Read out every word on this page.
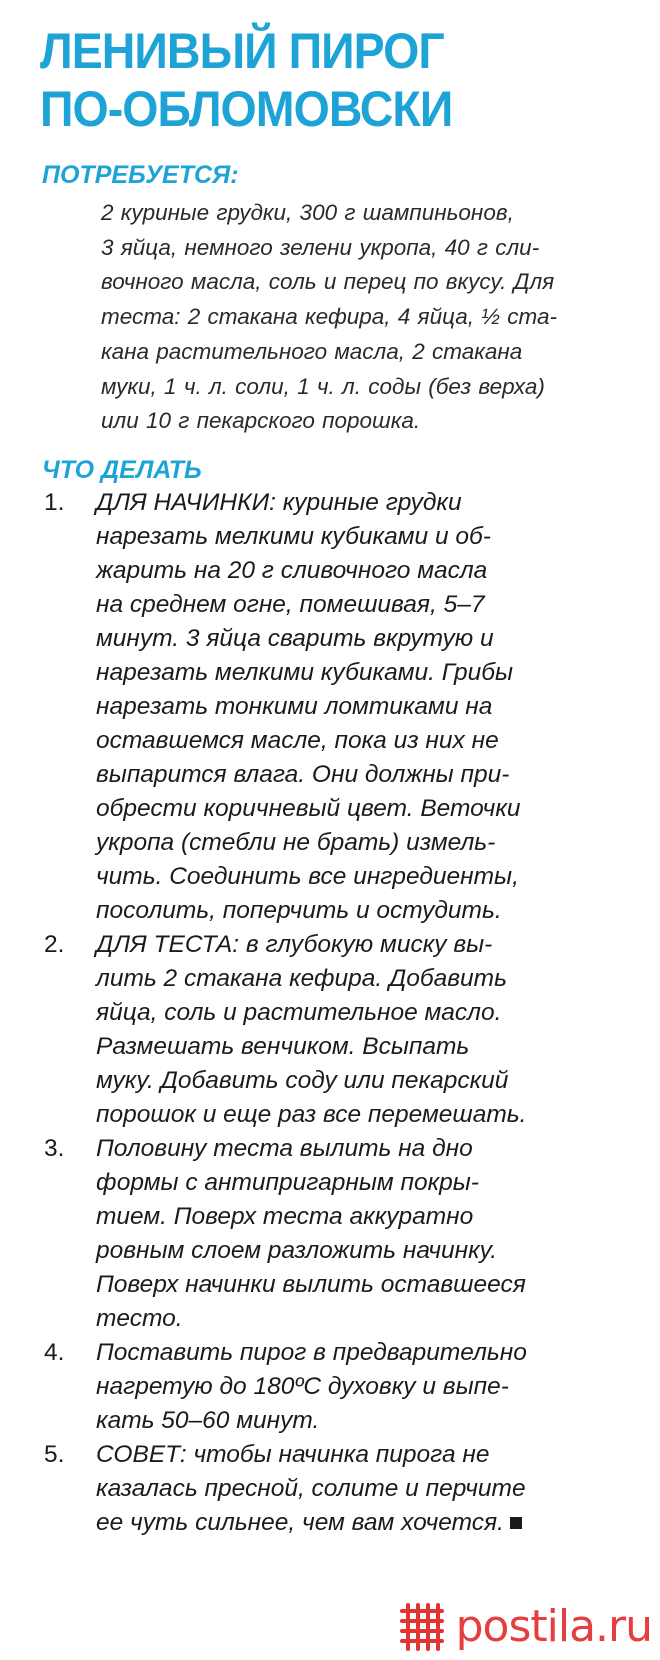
ЛЕНИВЫЙ ПИРОГ
ПО-ОБЛОМОВСКИ
ПОТРЕБУЕТСЯ:

2 куриные грудки, 300 г шампиньонов,
3 яйца, немного зелени укропа, 40 г сли-
вочного масла, соль и перец по вкусу. Для
теста: 2 стакана кефира, 4 яйца, ½ ста-
кана растительного масла, 2 стакана
муки, 1 ч. л. соли, 1 ч. л. соды (без верха)
или 10 г пекарского порошка.

ЧТО ДЕЛАТЬ
1. ДЛЯ НАЧИНКИ: куриные грудки
нарезать мелкими кубиками и об-
жарить на 20 г сливочного масла
на среднем огне, помешивая, 5–7
минут. 3 яйца сварить вкрутую и
нарезать мелкими кубиками. Грибы
нарезать тонкими ломтиками на
оставшемся масле, пока из них не
выпарится влага. Они должны при-
обрести коричневый цвет. Веточки
укропа (стебли не брать) измель-
чить. Соединить все ингредиенты,
посолить, поперчить и остудить.
2. ДЛЯ ТЕСТА: в глубокую миску вы-
лить 2 стакана кефира. Добавить
яйца, соль и растительное масло.
Размешать венчиком. Всыпать
муку. Добавить соду или пекарский
порошок и еще раз все перемешать.
3. Половину теста вылить на дно
формы с антипригарным покры-
тием. Поверх теста аккуратно
ровным слоем разложить начинку.
Поверх начинки вылить оставшееся
тесто.
4. Поставить пирог в предварительно
нагретую до 180ºС духовку и выпе-
кать 50–60 минут.
5. СОВЕТ: чтобы начинка пирога не
казалась пресной, солите и перчите
ее чуть сильнее, чем вам хочется.
postila.ru
